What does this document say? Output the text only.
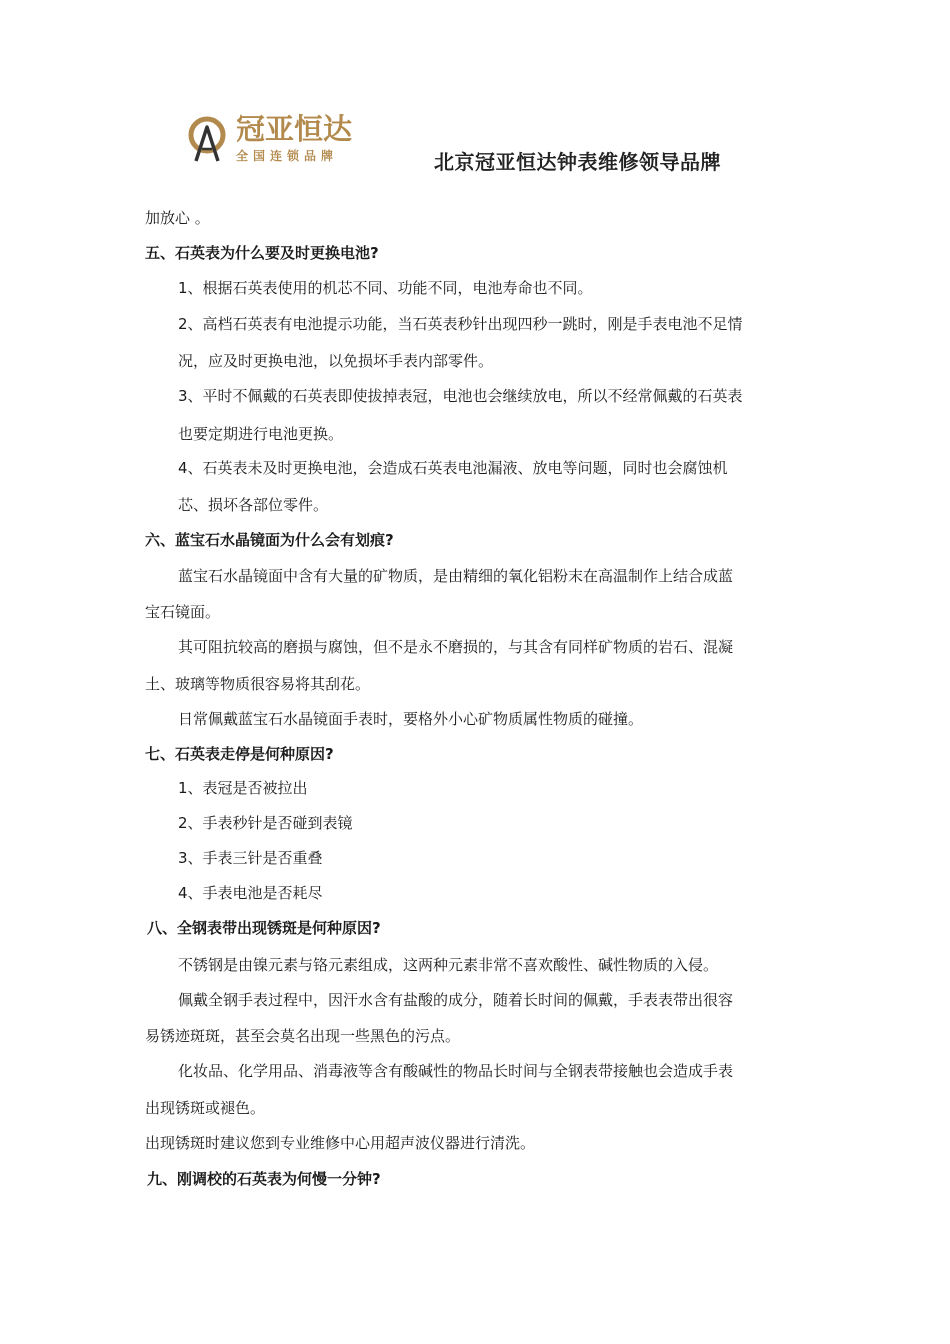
冠亚恒达
全国连锁品牌	北京冠亚恒达钟表维修领导品牌
加放心 。
五、石英表为什么要及时更换电池?
1、根据石英表使用的机芯不同、功能不同，电池寿命也不同。
2、高档石英表有电池提示功能，当石英表秒针出现四秒一跳时，刚是手表电池不足情
况，应及时更换电池，以免损坏手表内部零件。
3、平时不佩戴的石英表即使拔掉表冠，电池也会继续放电，所以不经常佩戴的石英表
也要定期进行电池更换。
4、石英表未及时更换电池，会造成石英表电池漏液、放电等问题，同时也会腐蚀机
芯、损坏各部位零件。
六、蓝宝石水晶镜面为什么会有划痕?
蓝宝石水晶镜面中含有大量的矿物质，是由精细的氧化铝粉末在高温制作上结合成蓝
宝石镜面。
其可阻抗较高的磨损与腐蚀，但不是永不磨损的，与其含有同样矿物质的岩石、混凝
土、玻璃等物质很容易将其刮花。
日常佩戴蓝宝石水晶镜面手表时，要格外小心矿物质属性物质的碰撞。
七、石英表走停是何种原因?
1、表冠是否被拉出
2、手表秒针是否碰到表镜
3、手表三针是否重叠
4、手表电池是否耗尽
八、全钢表带出现锈斑是何种原因?
不锈钢是由镍元素与铬元素组成，这两种元素非常不喜欢酸性、碱性物质的入侵。
佩戴全钢手表过程中，因汗水含有盐酸的成分，随着长时间的佩戴，手表表带出很容
易锈迹斑斑，甚至会莫名出现一些黑色的污点。
化妆品、化学用品、消毒液等含有酸碱性的物品长时间与全钢表带接触也会造成手表
出现锈斑或褪色。
出现锈斑时建议您到专业维修中心用超声波仪器进行清洗。
九、刚调校的石英表为何慢一分钟?
